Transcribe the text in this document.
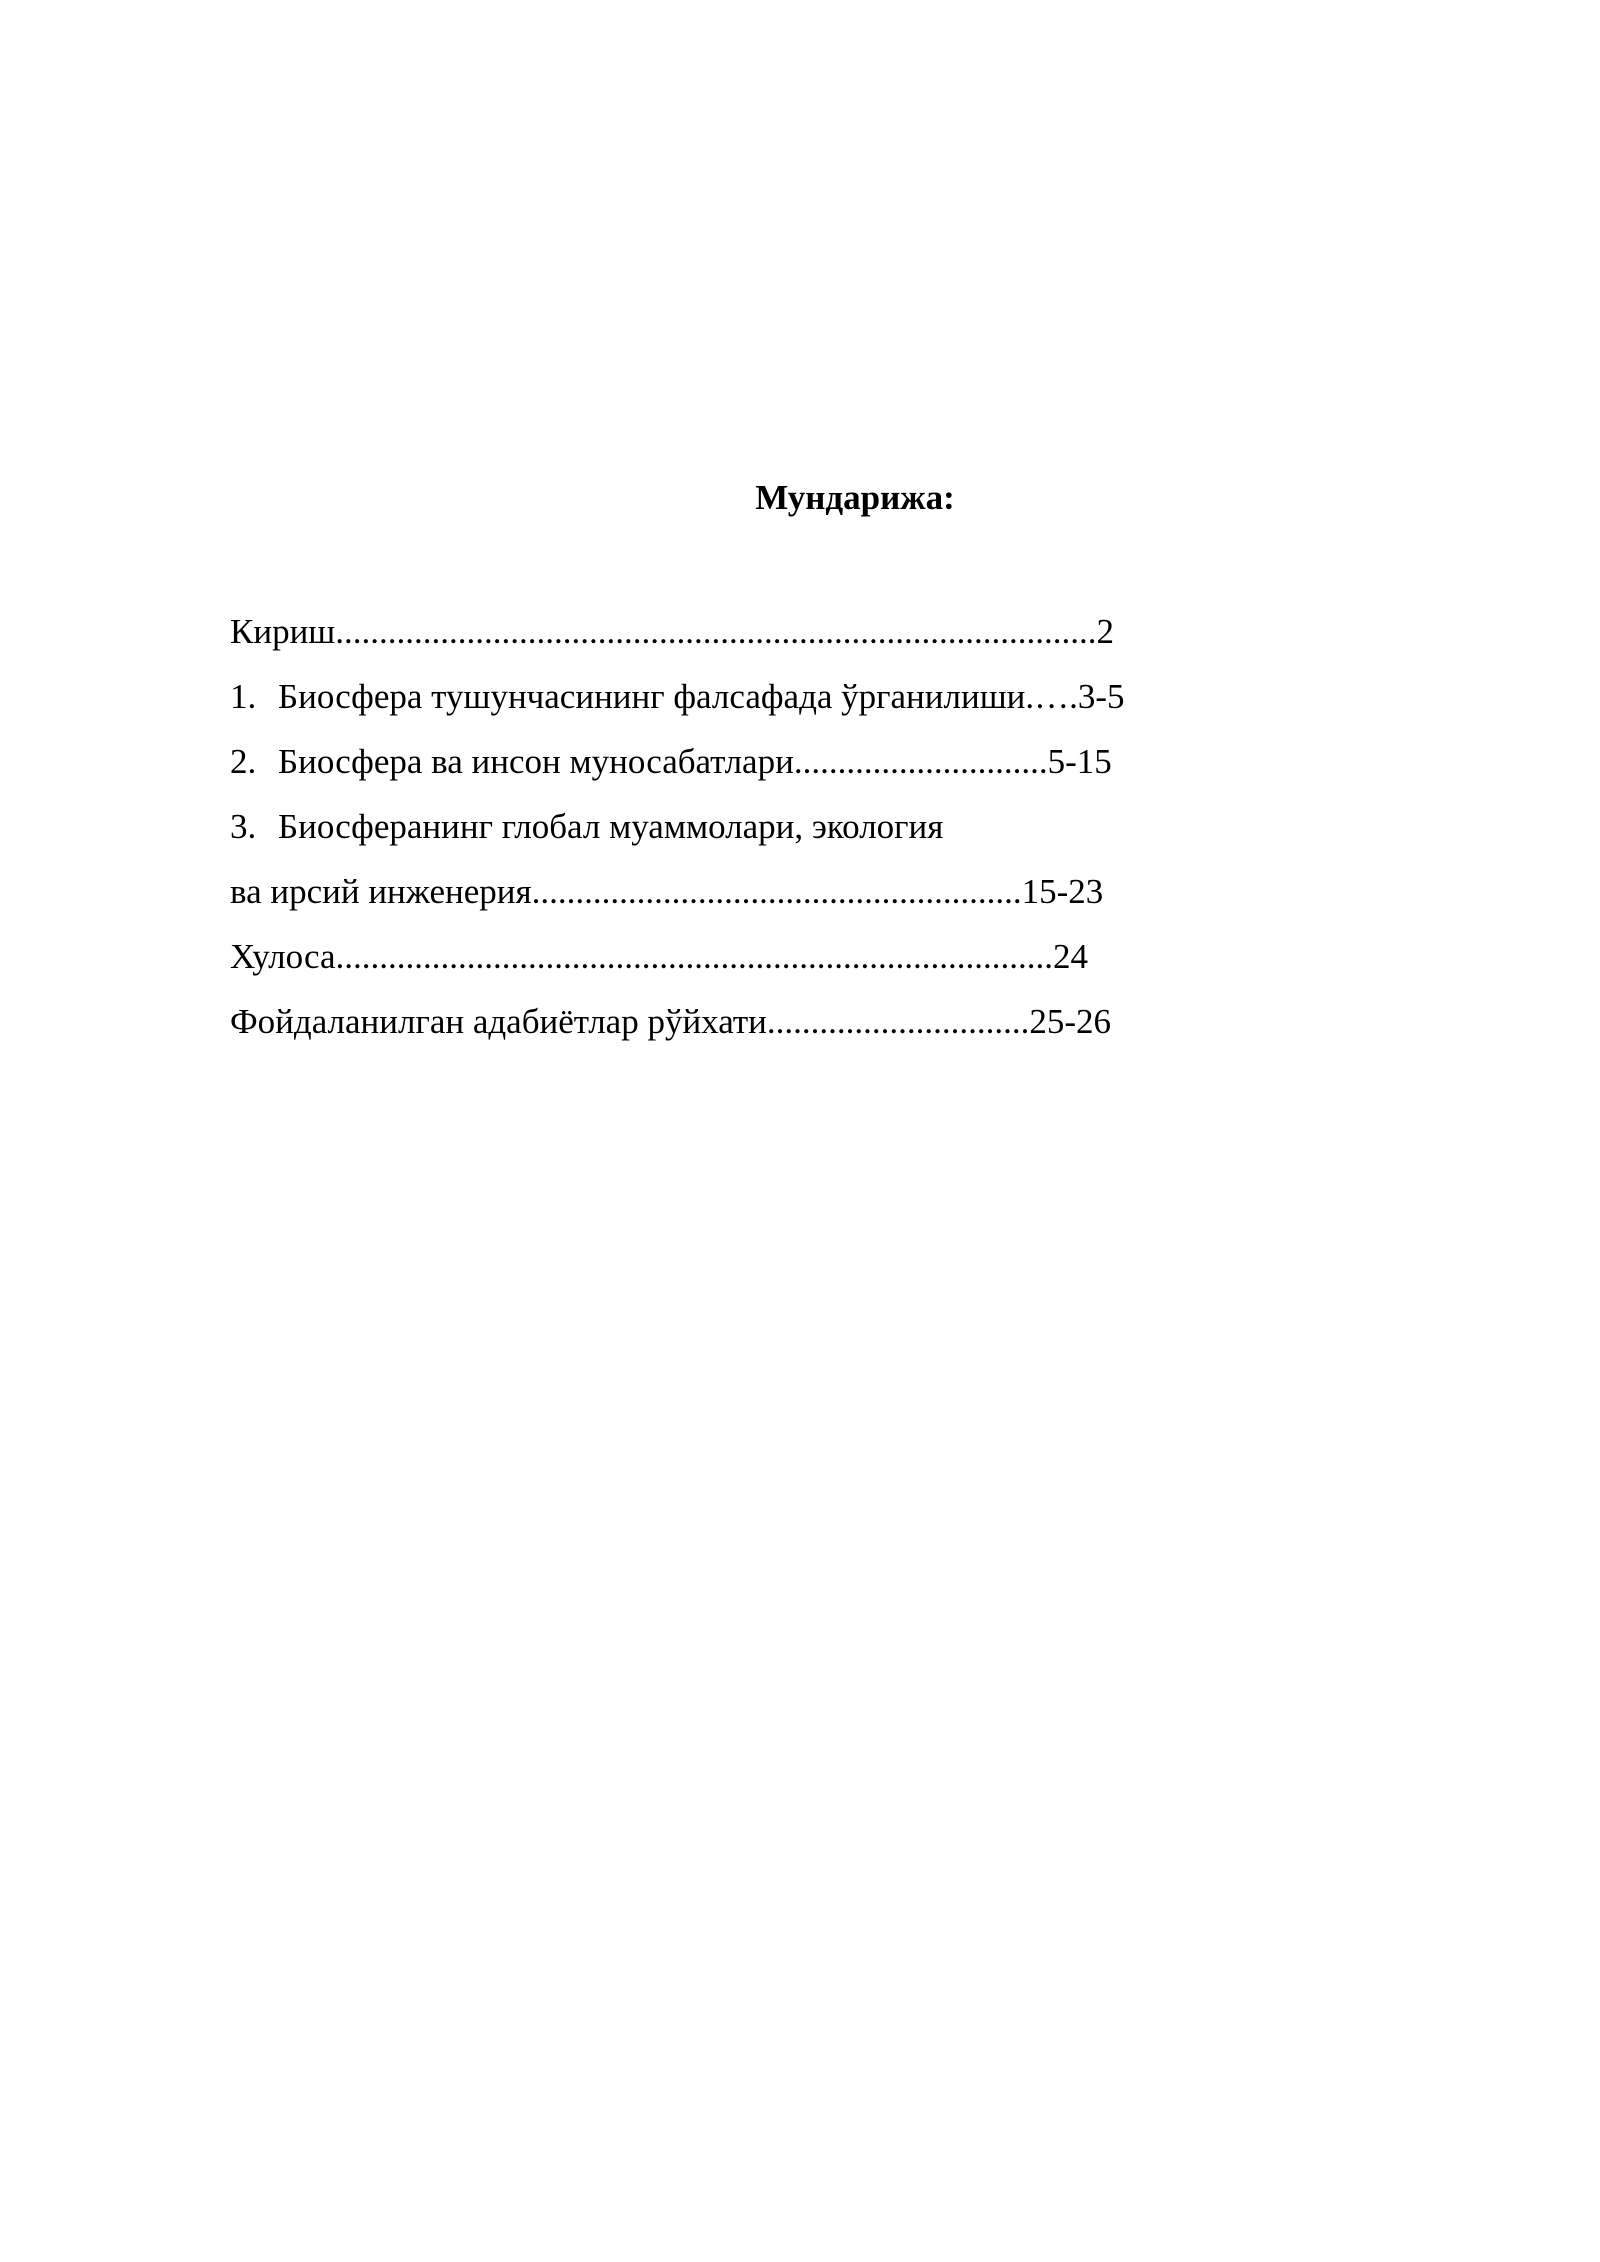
Мундарижа:
Кириш.......................................................................................2
1. Биосфера тушунчасининг фалсафада ўрганилиши.….3-5
2. Биосфера ва инсон муносабатлари.............................5-15
3. Биосферанинг глобал муаммолари, экология
ва ирсий инженерия........................................................15-23
Хулоса..................................................................................24
Фойдаланилган адабиётлар рўйхати..............................25-26
